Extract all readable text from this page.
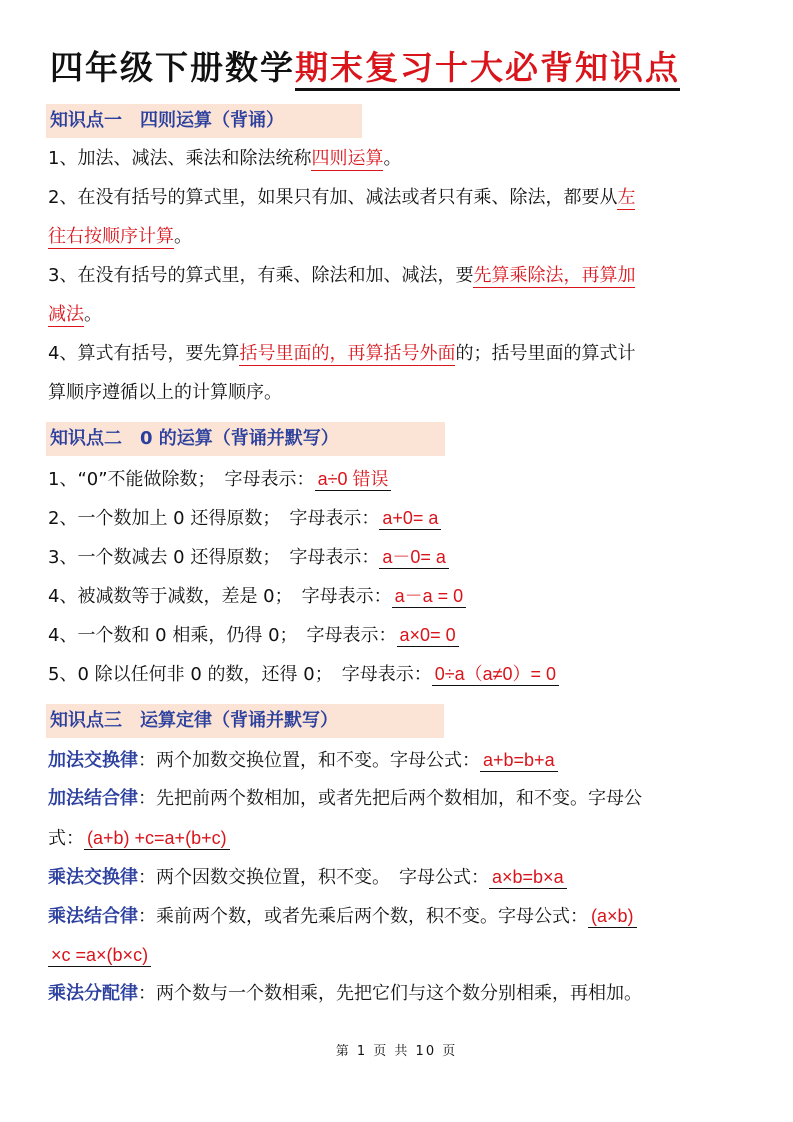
四年级下册数学期末复习十大必背知识点
知识点一　四则运算（背诵）
1、加法、减法、乘法和除法统称四则运算。
2、在没有括号的算式里，如果只有加、减法或者只有乘、除法，都要从左
往右按顺序计算。
3、在没有括号的算式里，有乘、除法和加、减法，要先算乘除法，再算加
减法。
4、算式有括号，要先算括号里面的，再算括号外面的；括号里面的算式计
算顺序遵循以上的计算顺序。
知识点二　0 的运算（背诵并默写）
1、“0”不能做除数；　字母表示： a÷0 错误
2、一个数加上 0 还得原数；　字母表示： a+0= a
3、一个数减去 0 还得原数；　字母表示： a－0= a
4、被减数等于减数，差是 0；　字母表示： a－a = 0
4、一个数和 0 相乘，仍得 0；　字母表示： a×0= 0
5、0 除以任何非 0 的数，还得 0；　字母表示： 0÷a（a≠0）= 0
知识点三　运算定律（背诵并默写）
加法交换律：两个加数交换位置，和不变。字母公式： a+b=b+a
加法结合律：先把前两个数相加，或者先把后两个数相加，和不变。字母公
式： (a+b) +c=a+(b+c)
乘法交换律：两个因数交换位置，积不变。　字母公式： a×b=b×a
乘法结合律：乘前两个数，或者先乘后两个数，积不变。字母公式： (a×b)
×c =a×(b×c)
乘法分配律：两个数与一个数相乘，先把它们与这个数分别相乘，再相加。
第 1 页 共 10 页
